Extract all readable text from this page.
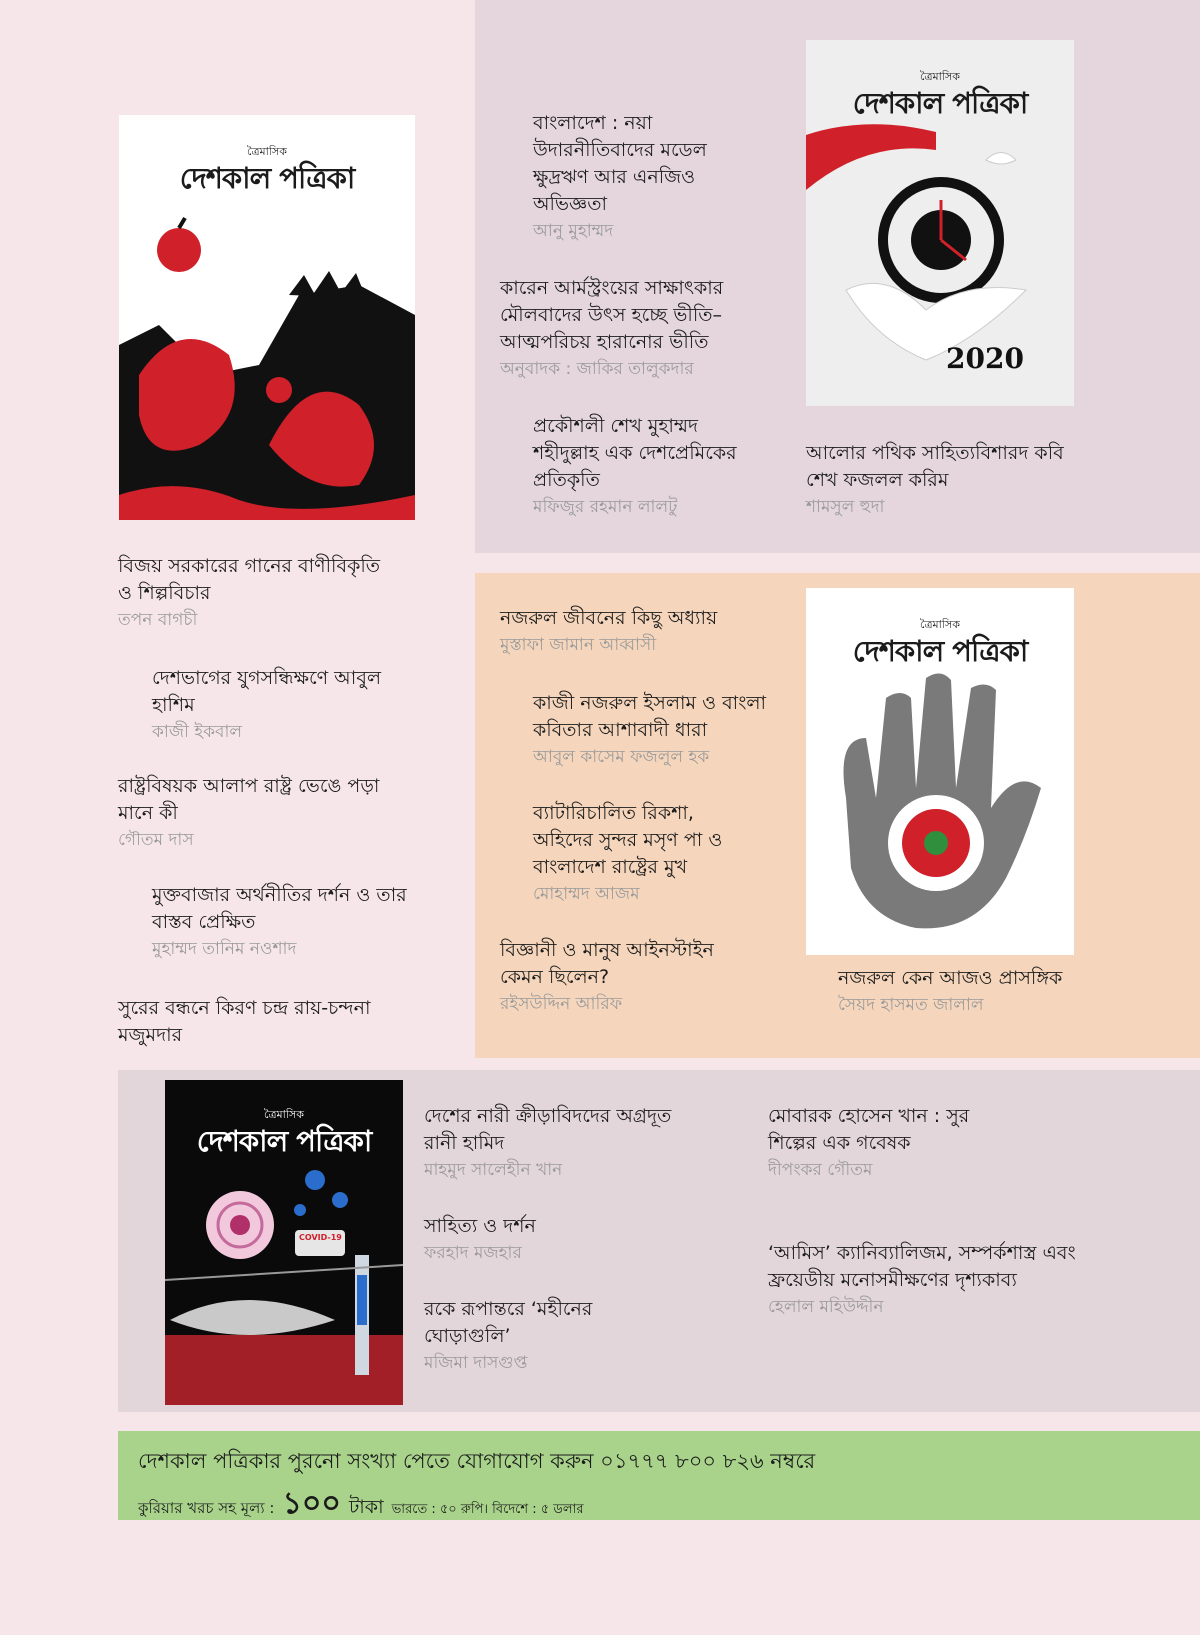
ত্রৈমাসিক
দেশকাল পত্রিকা
ত্রৈমাসিক
দেশকাল পত্রিকা
2020
ত্রৈমাসিক
দেশকাল পত্রিকা
ত্রৈমাসিক
দেশকাল পত্রিকা
COVID-19
বাংলাদেশ : নয়া উদারনীতিবাদের মডেল ক্ষুদ্রঋণ আর এনজিও অভিজ্ঞতা
আনু মুহাম্মদ
কারেন আর্মস্ট্রংয়ের সাক্ষাৎকার মৌলবাদের উৎস হচ্ছে ভীতি– আত্মপরিচয় হারানোর ভীতি
অনুবাদক : জাকির তালুকদার
প্রকৌশলী শেখ মুহাম্মদ শহীদুল্লাহ এক দেশপ্রেমিকের প্রতিকৃতি
মফিজুর রহমান লালটু
আলোর পথিক সাহিত্যবিশারদ কবি শেখ ফজলল করিম
শামসুল হুদা
বিজয় সরকারের গানের বাণীবিকৃতি ও শিল্পবিচার
তপন বাগচী
দেশভাগের যুগসন্ধিক্ষণে আবুল হাশিম
কাজী ইকবাল
রাষ্ট্রবিষয়ক আলাপ রাষ্ট্র ভেঙে পড়া মানে কী
গৌতম দাস
মুক্তবাজার অর্থনীতির দর্শন ও তার বাস্তব প্রেক্ষিত
মুহাম্মদ তানিম নওশাদ
সুরের বন্ধনে কিরণ চন্দ্র রায়-চন্দনা মজুমদার
নজরুল জীবনের কিছু অধ্যায়
মুস্তাফা জামান আব্বাসী
কাজী নজরুল ইসলাম ও বাংলা কবিতার আশাবাদী ধারা
আবুল কাসেম ফজলুল হক
ব্যাটারিচালিত রিকশা, অহিদের সুন্দর মসৃণ পা ও বাংলাদেশ রাষ্ট্রের মুখ
মোহাম্মদ আজম
বিজ্ঞানী ও মানুষ আইনস্টাইন কেমন ছিলেন?
রইসউদ্দিন আরিফ
নজরুল কেন আজও প্রাসঙ্গিক
সৈয়দ হাসমত জালাল
দেশের নারী ক্রীড়াবিদদের অগ্রদূত রানী হামিদ
মাহমুদ সালেহীন খান
সাহিত্য ও দর্শন
ফরহাদ মজহার
রকে রূপান্তরে ‘মহীনের ঘোড়াগুলি’
মজিমা দাসগুপ্ত
মোবারক হোসেন খান : সুর শিল্পের এক গবেষক
দীপংকর গৌতম
‘আমিস’ ক্যানিব্যালিজম, সম্পর্কশাস্ত্র এবং ফ্রয়েডীয় মনোসমীক্ষণের দৃশ্যকাব্য
হেলাল মহিউদ্দীন
দেশকাল পত্রিকার পুরনো সংখ্যা পেতে যোগাযোগ করুন ০১৭৭৭ ৮০০ ৮২৬ নম্বরে
কুরিয়ার খরচ সহ মূল্য : ১০০ টাকা ভারতে : ৫০ রুপি। বিদেশে : ৫ ডলার
